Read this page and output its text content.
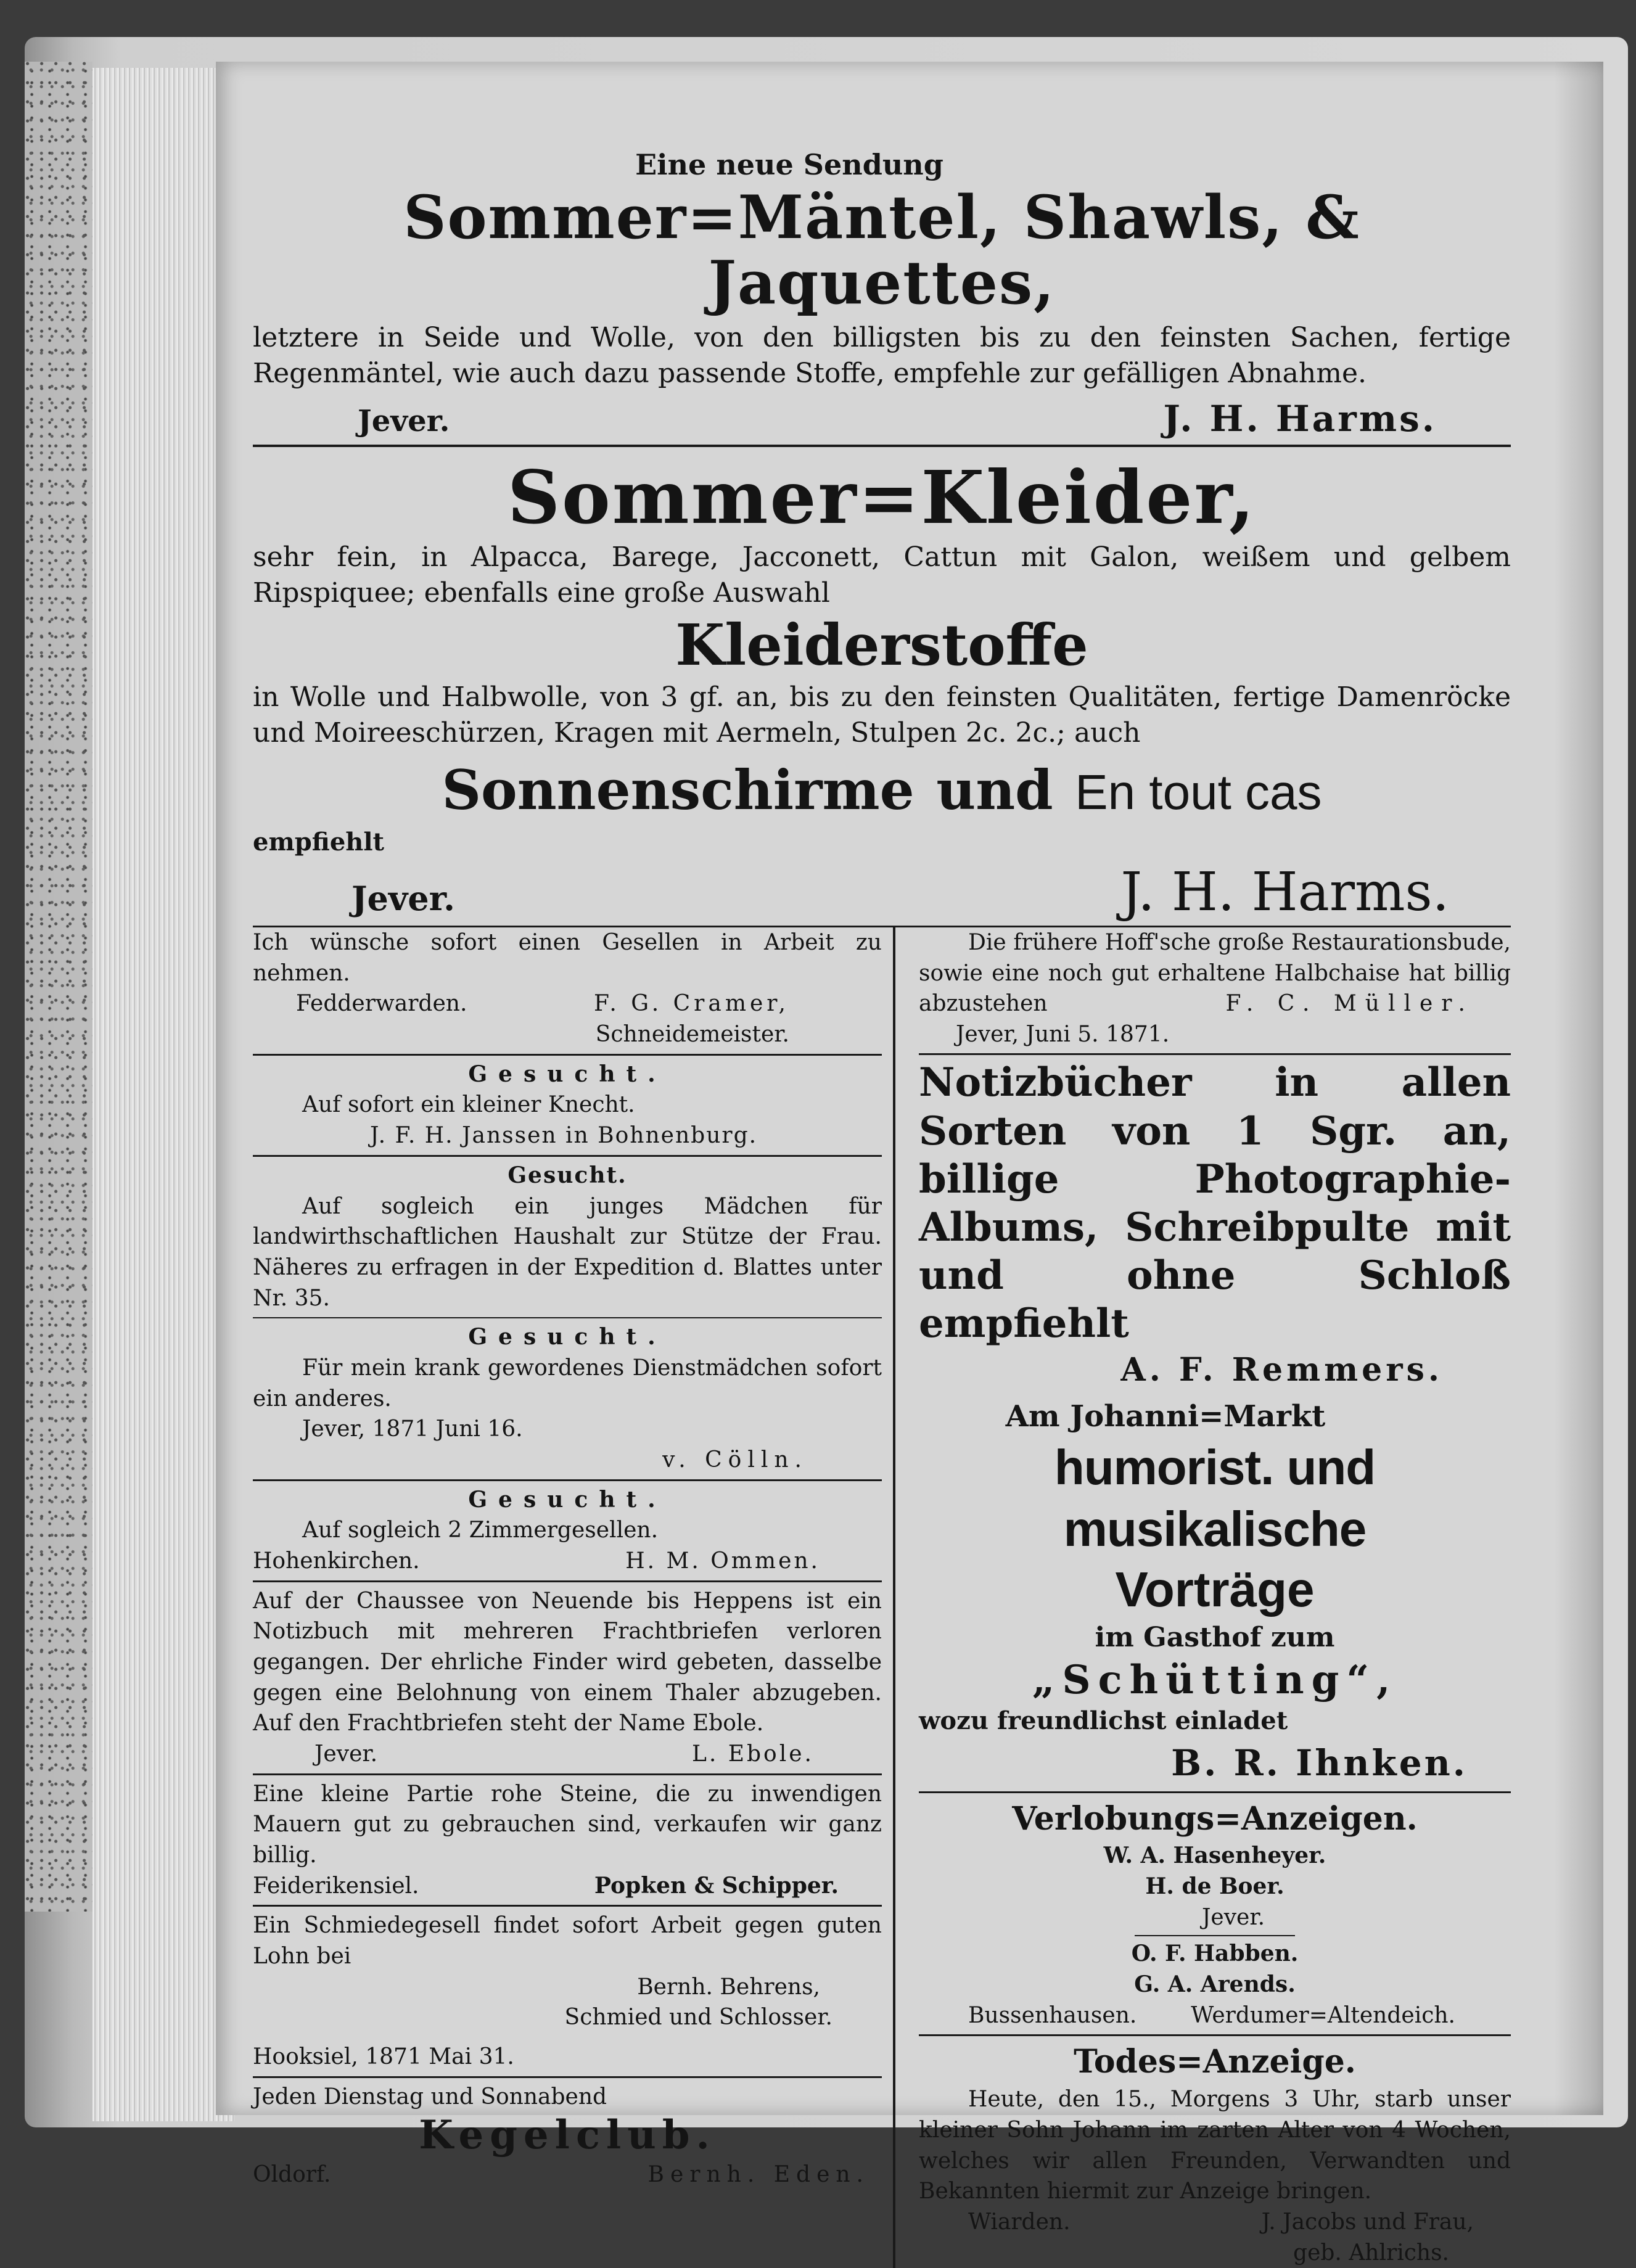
Eine neue Sendung
Sommer=Mäntel, Shawls, & Jaquettes,
letztere in Seide und Wolle, von den billigsten bis zu den feinsten Sachen, fertige Regenmäntel, wie auch dazu passende Stoffe, empfehle zur gefälligen Abnahme.
Jever.	J. H. Harms.
Sommer=Kleider,
sehr fein, in Alpacca, Barege, Jacconett, Cattun mit Galon, weißem und gelbem Ripspiquee; ebenfalls eine große Auswahl
Kleiderstoffe
in Wolle und Halbwolle, von 3 gf. an, bis zu den feinsten Qualitäten, fertige Damenröcke und Moireeschürzen, Kragen mit Aermeln, Stulpen 2c. 2c.; auch
Sonnenschirme und En tout cas
empfiehlt
Jever.	J. H. Harms.

Ich wünsche sofort einen Gesellen in Arbeit zu nehmen.

Fedderwarden.	F. G. Cramer,
Schneidemeister.

Gesucht.

Auf sofort ein kleiner Knecht.

J. F. H. Janssen in Bohnenburg.

Gesucht.

Auf sogleich ein junges Mädchen für landwirthschaftlichen Haushalt zur Stütze der Frau. Näheres zu erfragen in der Expedition d. Blattes unter Nr. 35.

Gesucht.

Für mein krank gewordenes Dienstmädchen sofort ein anderes.

Jever, 1871 Juni 16.
v. Cölln.

Gesucht.

Auf sogleich 2 Zimmergesellen.

Hohenkirchen.	H. M. Ommen.

Auf der Chaussee von Neuende bis Heppens ist ein Notizbuch mit mehreren Frachtbriefen verloren gegangen. Der ehrliche Finder wird gebeten, dasselbe gegen eine Belohnung von einem Thaler abzugeben. Auf den Frachtbriefen steht der Name Ebole.

Jever.	L. Ebole.

Eine kleine Partie rohe Steine, die zu inwendigen Mauern gut zu gebrauchen sind, verkaufen wir ganz billig.

Feiderikensiel.	Popken & Schipper.

Ein Schmiedegesell findet sofort Arbeit gegen guten Lohn bei

Bernh. Behrens,
Schmied und Schlosser.
Hooksiel, 1871 Mai 31.

Jeden Dienstag und Sonnabend

Kegelclub.
Oldorf.	Bernh. Eden.

Die frühere Hoff'sche große Restaurationsbude, sowie eine noch gut erhaltene Halbchaise hat billig abzustehen	F. C. Müller.
Jever, Juni 5. 1871.

Notizbücher in allen Sorten von 1 Sgr. an, billige Photographie-Albums, Schreibpulte mit und ohne Schloß empfiehlt

A. F. Remmers.
Am Johanni=Markt
humorist. und musikalische
Vorträge
im Gasthof zum
„Schütting“,
wozu freundlichst einladet
B. R. Ihnken.
Verlobungs=Anzeigen.
W. A. Hasenheyer.
H. de Boer.
Jever.
O. F. Habben.
G. A. Arends.
Bussenhausen. Werdumer=Altendeich.
Todes=Anzeige.

Heute, den 15., Morgens 3 Uhr, starb unser kleiner Sohn Johann im zarten Alter von 4 Wochen, welches wir allen Freunden, Verwandten und Bekannten hiermit zur Anzeige bringen.

Wiarden.	J. Jacobs und Frau,
geb. Ahlrichs.
